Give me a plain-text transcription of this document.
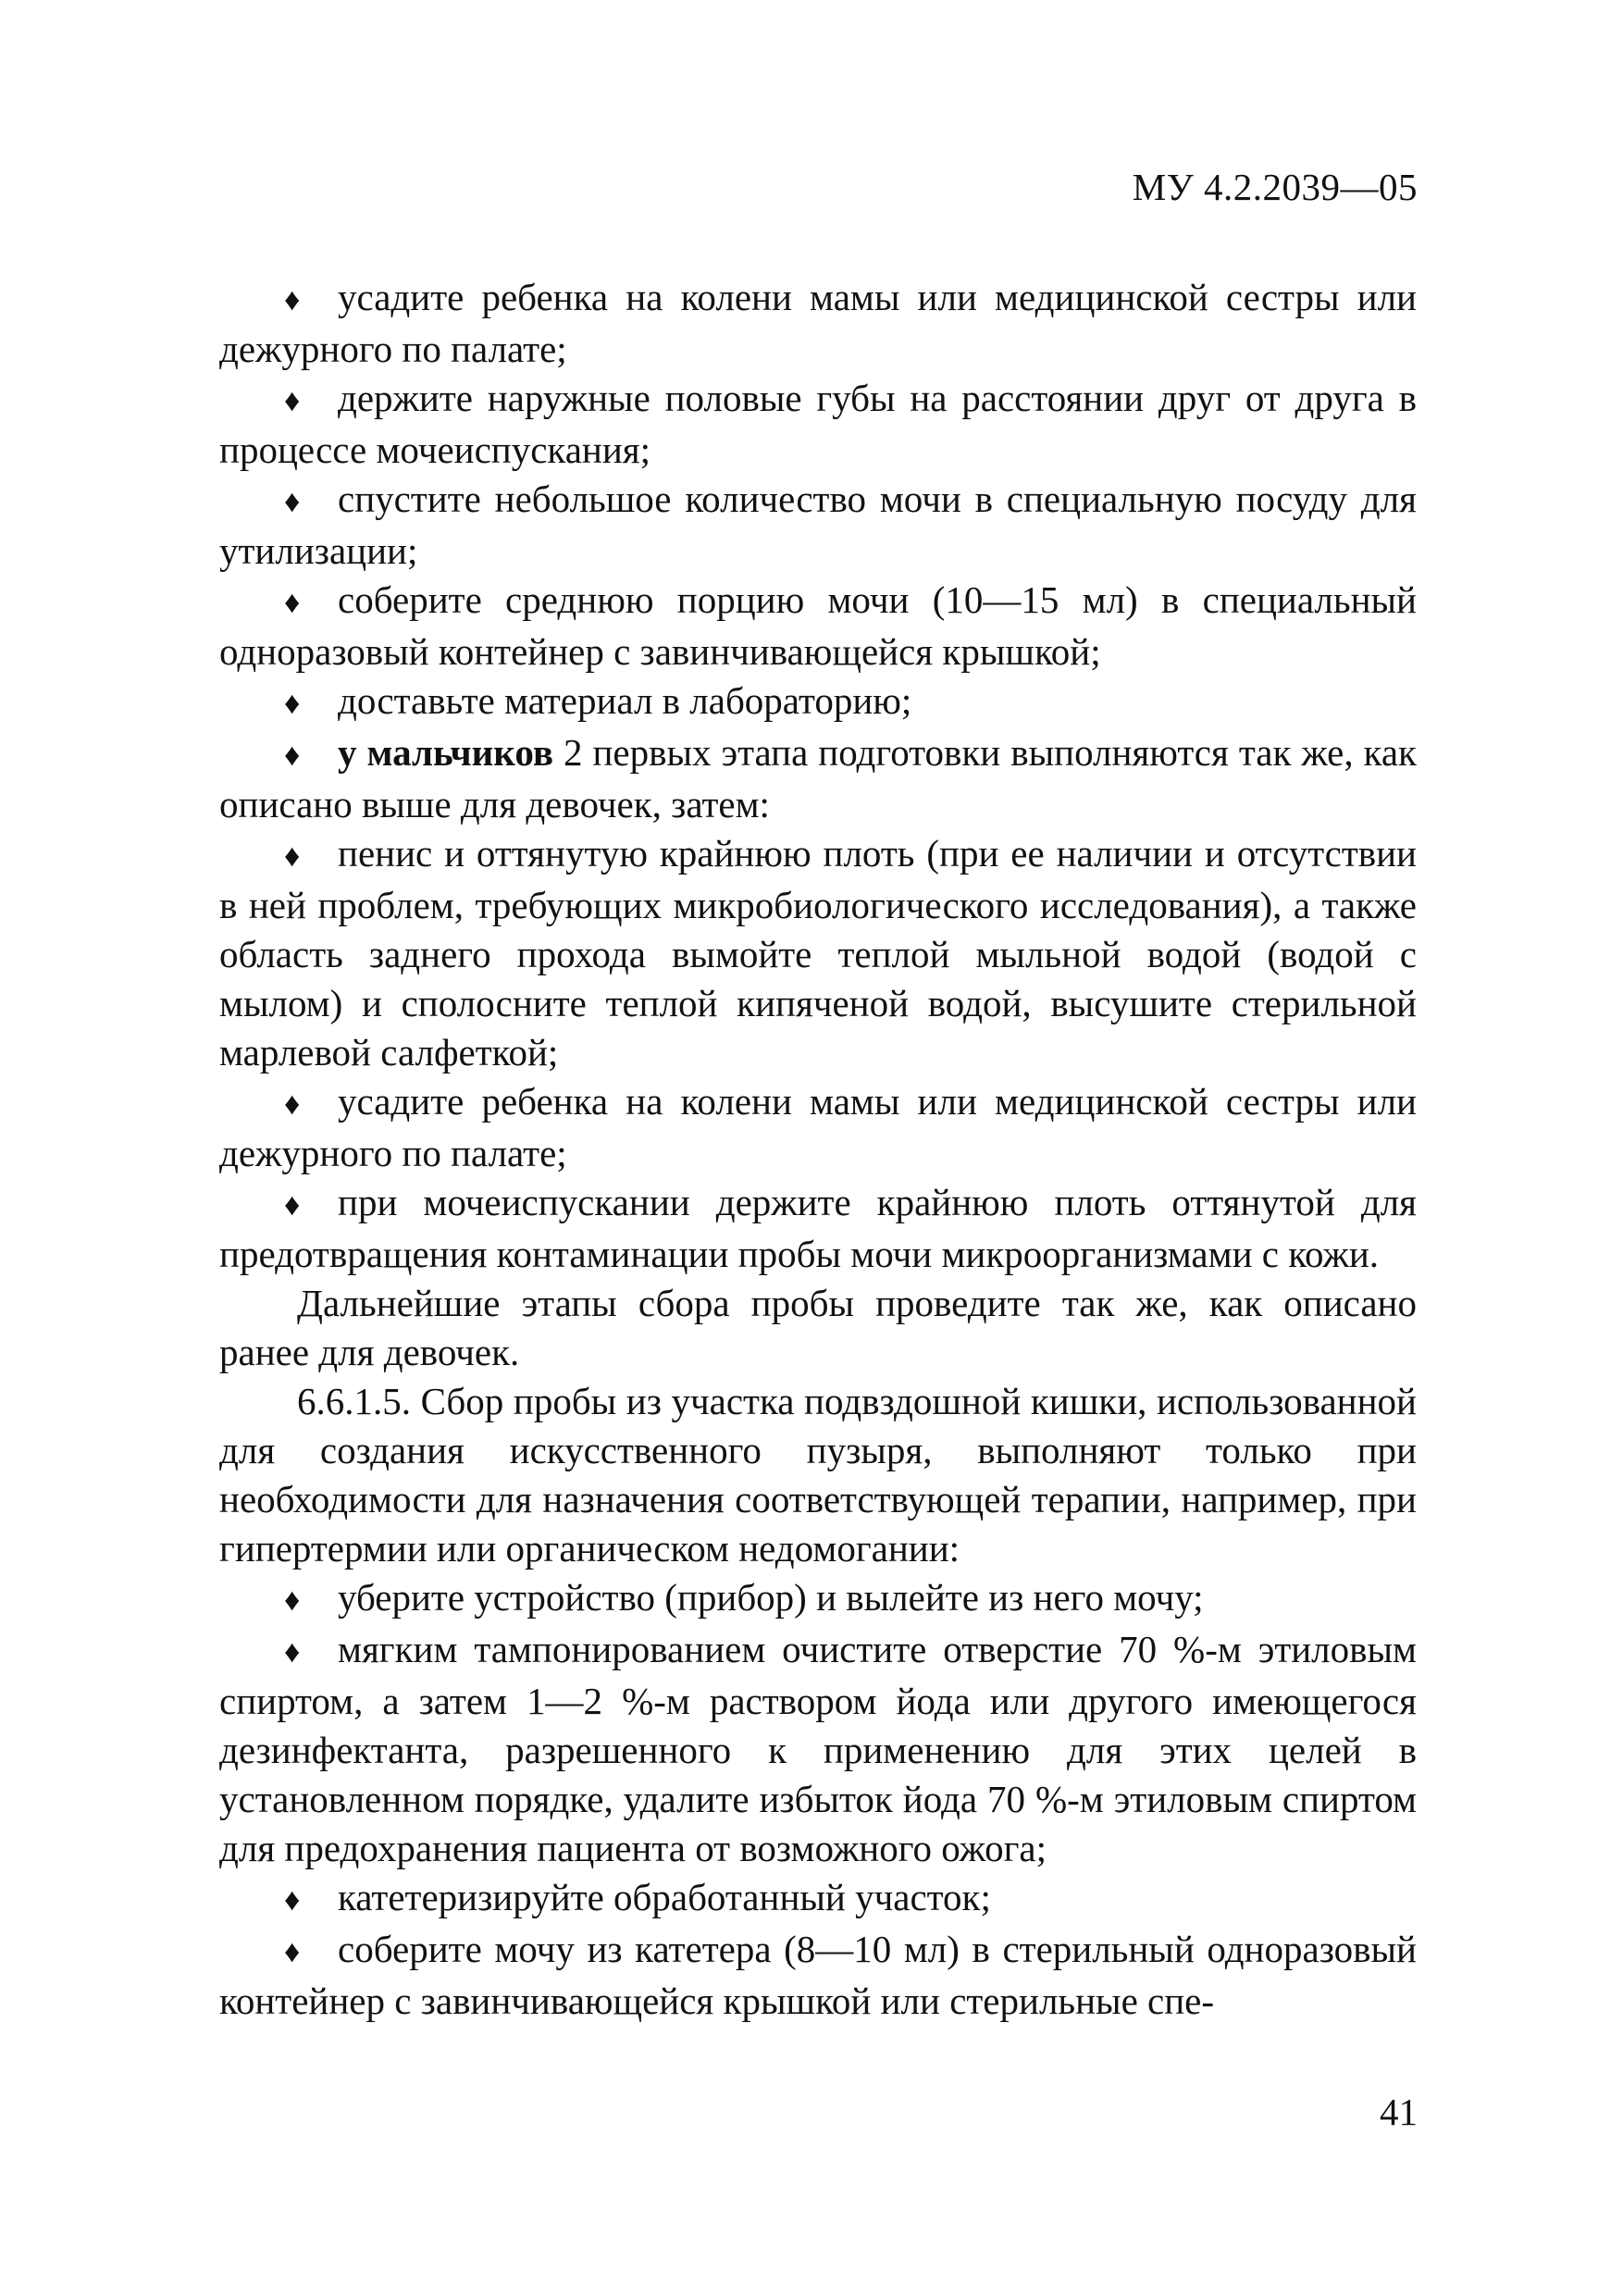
МУ 4.2.2039—05

♦ усадите ребенка на колени мамы или медицинской сестры или дежурного по палате;

♦ держите наружные половые губы на расстоянии друг от друга в процессе мочеиспускания;

♦ спустите небольшое количество мочи в специальную посуду для утилизации;

♦ соберите среднюю порцию мочи (10—15 мл) в специальный одноразовый контейнер с завинчивающейся крышкой;

♦ доставьте материал в лабораторию;

♦ у мальчиков 2 первых этапа подготовки выполняются так же, как описано выше для девочек, затем:

♦ пенис и оттянутую крайнюю плоть (при ее наличии и отсутствии в ней проблем, требующих микробиологического исследования), а также область заднего прохода вымойте теплой мыльной водой (водой с мылом) и сполосните теплой кипяченой водой, высушите стерильной марлевой салфеткой;

♦ усадите ребенка на колени мамы или медицинской сестры или дежурного по палате;

♦ при мочеиспускании держите крайнюю плоть оттянутой для предотвращения контаминации пробы мочи микроорганизмами с кожи.

Дальнейшие этапы сбора пробы проведите так же, как описано ранее для девочек.

6.6.1.5. Сбор пробы из участка подвздошной кишки, использованной для создания искусственного пузыря, выполняют только при необходимости для назначения соответствующей терапии, например, при гипертермии или органическом недомогании:

♦ уберите устройство (прибор) и вылейте из него мочу;

♦ мягким тампонированием очистите отверстие 70 %-м этиловым спиртом, а затем 1—2 %-м раствором йода или другого имеющегося дезинфектанта, разрешенного к применению для этих целей в установленном порядке, удалите избыток йода 70 %-м этиловым спиртом для предохранения пациента от возможного ожога;

♦ катетеризируйте обработанный участок;

♦ соберите мочу из катетера (8—10 мл) в стерильный одноразовый контейнер с завинчивающейся крышкой или стерильные спе-

41
